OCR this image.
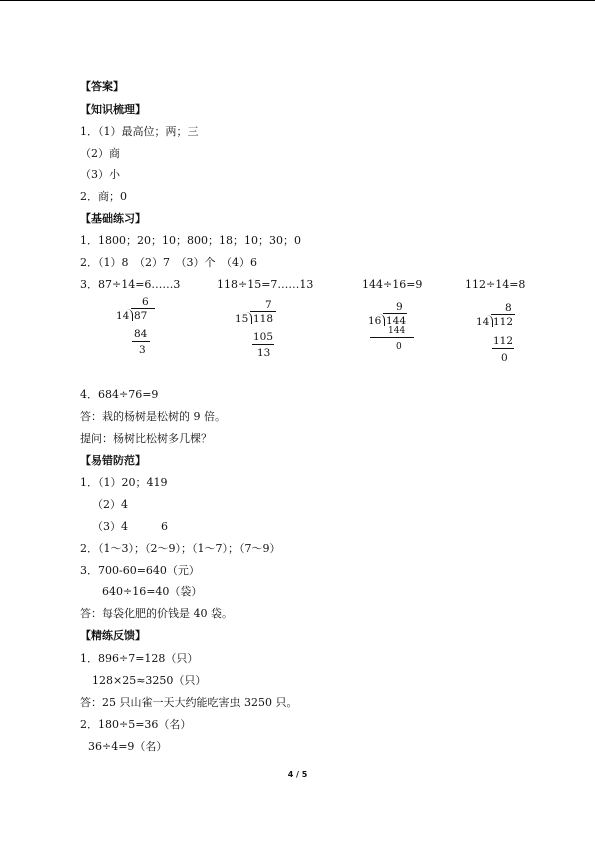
【答案】
【知识梳理】
1．（1）最高位；两；三
（2）商
（3）小
2．商；0
【基础练习】
1．1800；20；10；800；18；10；30；0
2．（1）8　（2）7　（3）个　（4）6
3．87÷14=6……3	118÷15=7……13	144÷16=9	112÷14=8
6
14 87
84
3
7
15 118
105
13
9
16 144
144
0
8
14 112
112
0
4．684÷76=9
答：栽的杨树是松树的 9 倍。
提问：杨树比松树多几棵？
【易错防范】
1．（1）20；419
（2）4
（3）4　　　6
2．（1～3）；（2～9）；（1～7）；（7～9）
3．700-60=640（元）
640÷16=40（袋）
答：每袋化肥的价钱是 40 袋。
【精练反馈】
1．896÷7=128（只）
128×25≈3250（只）
答：25 只山雀一天大约能吃害虫 3250 只。
2．180÷5=36（名）
36÷4=9（名）
4 / 5
